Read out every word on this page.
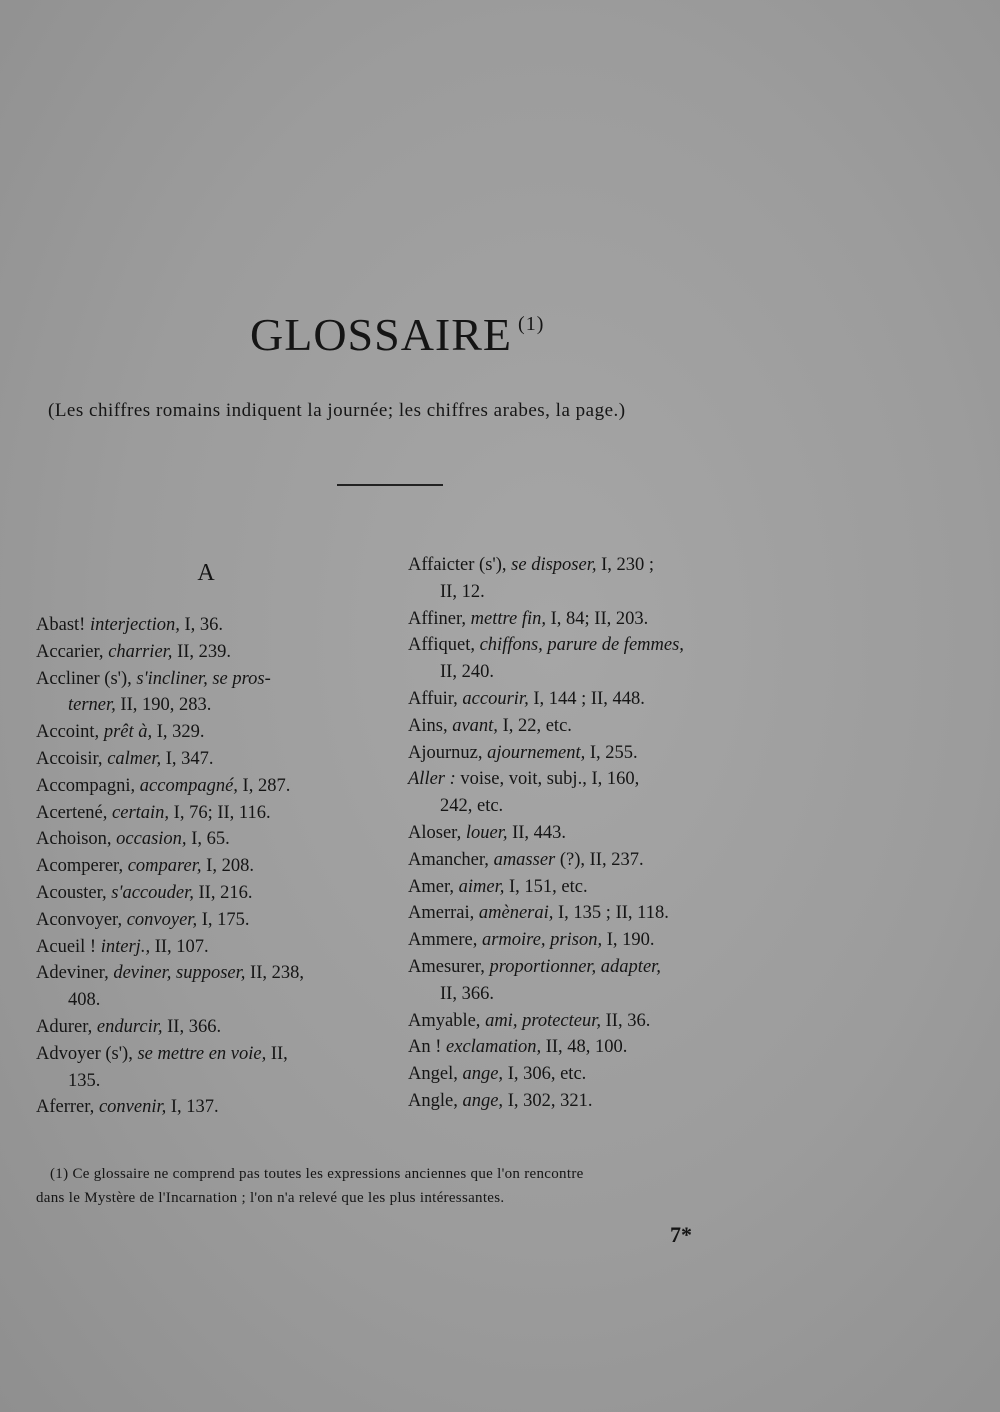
GLOSSAIRE $^{(1)}$
(Les chiffres romains indiquent la journée; les chiffres arabes, la page.)
A
Abast! interjection, I, 36.
Accarier, charrier, II, 239.
Accliner (s'), s'incliner, se pros-
terner, II, 190, 283.
Accoint, prêt à, I, 329.
Accoisir, calmer, I, 347.
Accompagni, accompagné, I, 287.
Acertené, certain, I, 76; II, 116.
Achoison, occasion, I, 65.
Acomperer, comparer, I, 208.
Acouster, s'accouder, II, 216.
Aconvoyer, convoyer, I, 175.
Acueil ! interj., II, 107.
Adeviner, deviner, supposer, II, 238,
408.
Adurer, endurcir, II, 366.
Advoyer (s'), se mettre en voie, II,
135.
Aferrer, convenir, I, 137.
Affaicter (s'), se disposer, I, 230 ;
II, 12.
Affiner, mettre fin, I, 84; II, 203.
Affiquet, chiffons, parure de femmes,
II, 240.
Affuir, accourir, I, 144 ; II, 448.
Ains, avant, I, 22, etc.
Ajournuz, ajournement, I, 255.
Aller : voise, voit, subj., I, 160,
242, etc.
Aloser, louer, II, 443.
Amancher, amasser (?), II, 237.
Amer, aimer, I, 151, etc.
Amerrai, amènerai, I, 135 ; II, 118.
Ammere, armoire, prison, I, 190.
Amesurer, proportionner, adapter,
II, 366.
Amyable, ami, protecteur, II, 36.
An ! exclamation, II, 48, 100.
Angel, ange, I, 306, etc.
Angle, ange, I, 302, 321.
(1) Ce glossaire ne comprend pas toutes les expressions anciennes que l'on rencontre
dans le Mystère de l'Incarnation ; l'on n'a relevé que les plus intéressantes.
7*
